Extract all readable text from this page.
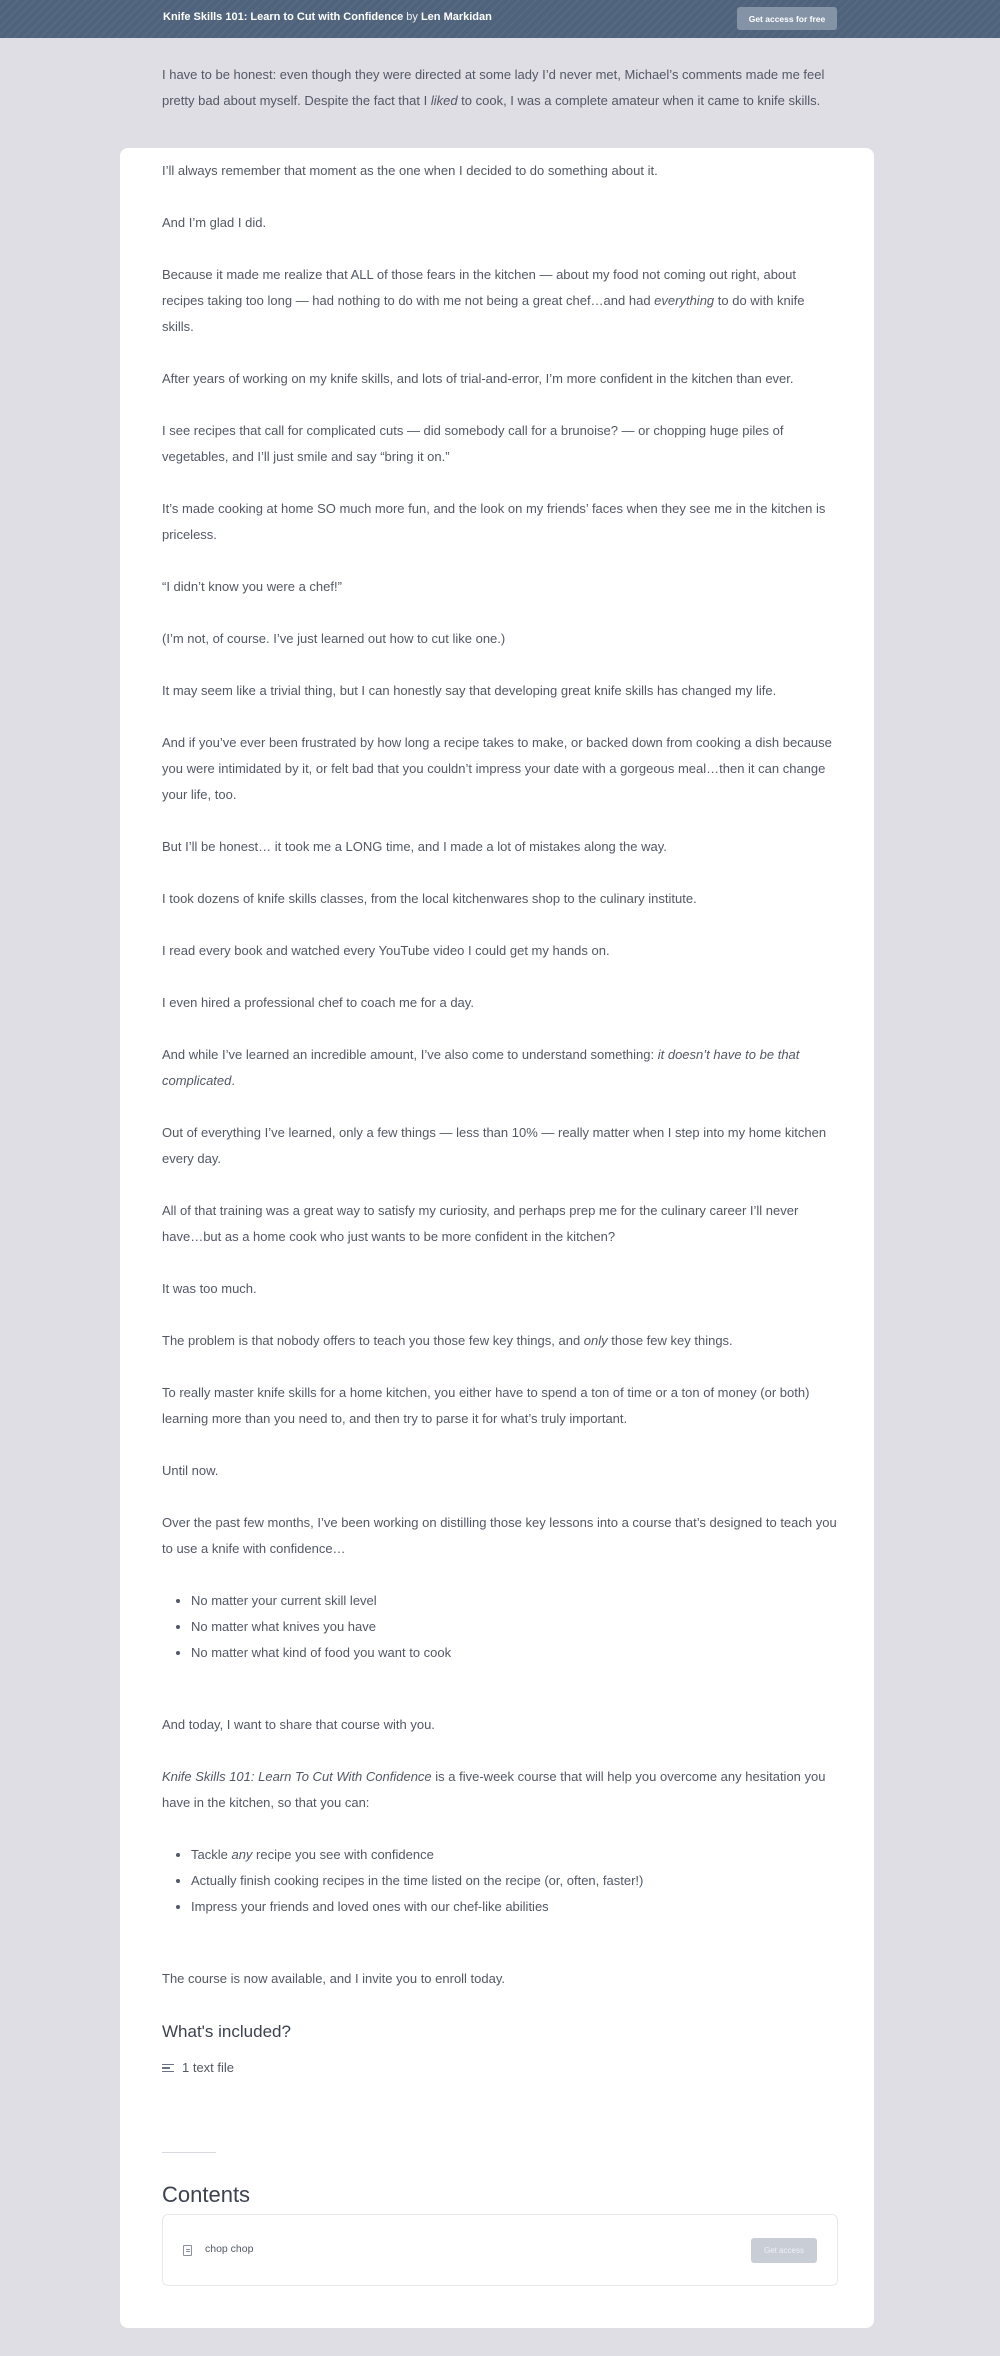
Knife Skills 101: Learn to Cut with Confidence by Len Markidan	Get access for free

I have to be honest: even though they were directed at some lady I’d never met, Michael’s comments made me feel pretty bad about myself. Despite the fact that I liked to cook, I was a complete amateur when it came to knife skills.

I’ll always remember that moment as the one when I decided to do something about it.

And I’m glad I did.

Because it made me realize that ALL of those fears in the kitchen — about my food not coming out right, about recipes taking too long — had nothing to do with me not being a great chef…and had everything to do with knife skills.

After years of working on my knife skills, and lots of trial-and-error, I’m more confident in the kitchen than ever.

I see recipes that call for complicated cuts — did somebody call for a brunoise? — or chopping huge piles of vegetables, and I’ll just smile and say “bring it on.”

It’s made cooking at home SO much more fun, and the look on my friends’ faces when they see me in the kitchen is priceless.

“I didn’t know you were a chef!”

(I’m not, of course. I’ve just learned out how to cut like one.)

It may seem like a trivial thing, but I can honestly say that developing great knife skills has changed my life.

And if you’ve ever been frustrated by how long a recipe takes to make, or backed down from cooking a dish because you were intimidated by it, or felt bad that you couldn’t impress your date with a gorgeous meal…then it can change your life, too.

But I’ll be honest… it took me a LONG time, and I made a lot of mistakes along the way.

I took dozens of knife skills classes, from the local kitchenwares shop to the culinary institute.

I read every book and watched every YouTube video I could get my hands on.

I even hired a professional chef to coach me for a day.

And while I’ve learned an incredible amount, I’ve also come to understand something: it doesn’t have to be that complicated.

Out of everything I’ve learned, only a few things — less than 10% — really matter when I step into my home kitchen every day.

All of that training was a great way to satisfy my curiosity, and perhaps prep me for the culinary career I’ll never have…but as a home cook who just wants to be more confident in the kitchen?

It was too much.

The problem is that nobody offers to teach you those few key things, and only those few key things.

To really master knife skills for a home kitchen, you either have to spend a ton of time or a ton of money (or both) learning more than you need to, and then try to parse it for what’s truly important.

Until now.

Over the past few months, I’ve been working on distilling those key lessons into a course that’s designed to teach you to use a knife with confidence…

• No matter your current skill level
• No matter what knives you have
• No matter what kind of food you want to cook

And today, I want to share that course with you.

Knife Skills 101: Learn To Cut With Confidence is a five-week course that will help you overcome any hesitation you have in the kitchen, so that you can:

• Tackle any recipe you see with confidence
• Actually finish cooking recipes in the time listed on the recipe (or, often, faster!)
• Impress your friends and loved ones with our chef-like abilities

The course is now available, and I invite you to enroll today.

What's included?
1 text file
Contents
chop chop	Get access
